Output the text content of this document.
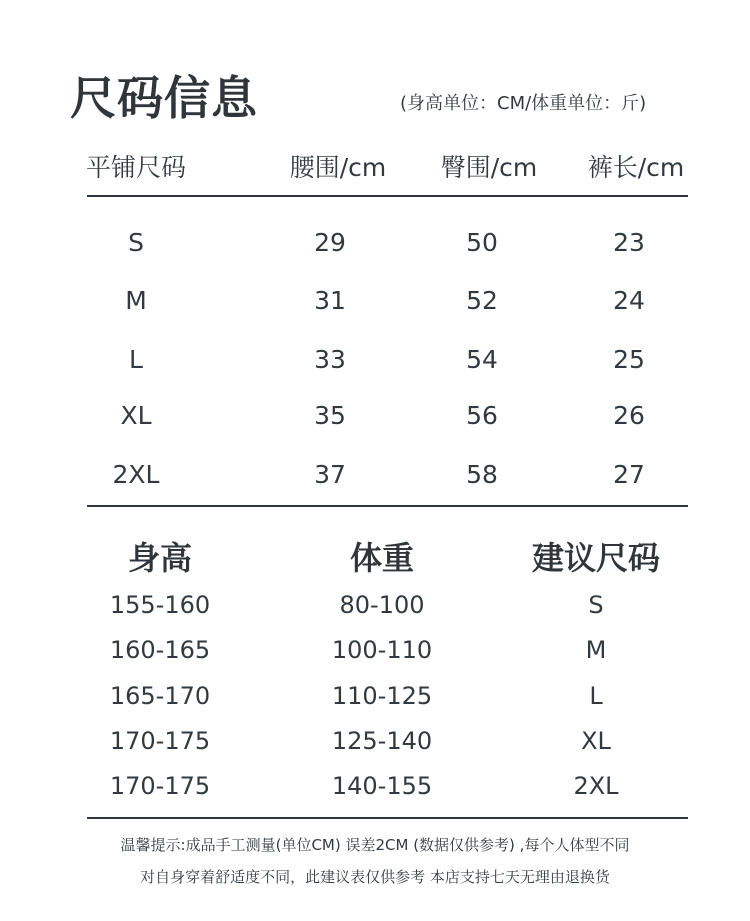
尺码信息	(身高单位：CM/体重单位：斤)
平铺尺码	腰围/cm 臀围/cm 裤长/cm
S	29	50	23
M	31	52	24
L	33	54	25
XL	35	56	26
2XL	37	58	27
身高	体重	建议尺码
155-160	80-100	S
160-165	100-110	M
165-170	110-125	L
170-175	125-140	XL
170-175	140-155	2XL
温馨提示:成品手工测量(单位CM) 误差2CM (数据仅供参考) ,每个人体型不同
对自身穿着舒适度不同，此建议表仅供参考 本店支持七天无理由退换货
